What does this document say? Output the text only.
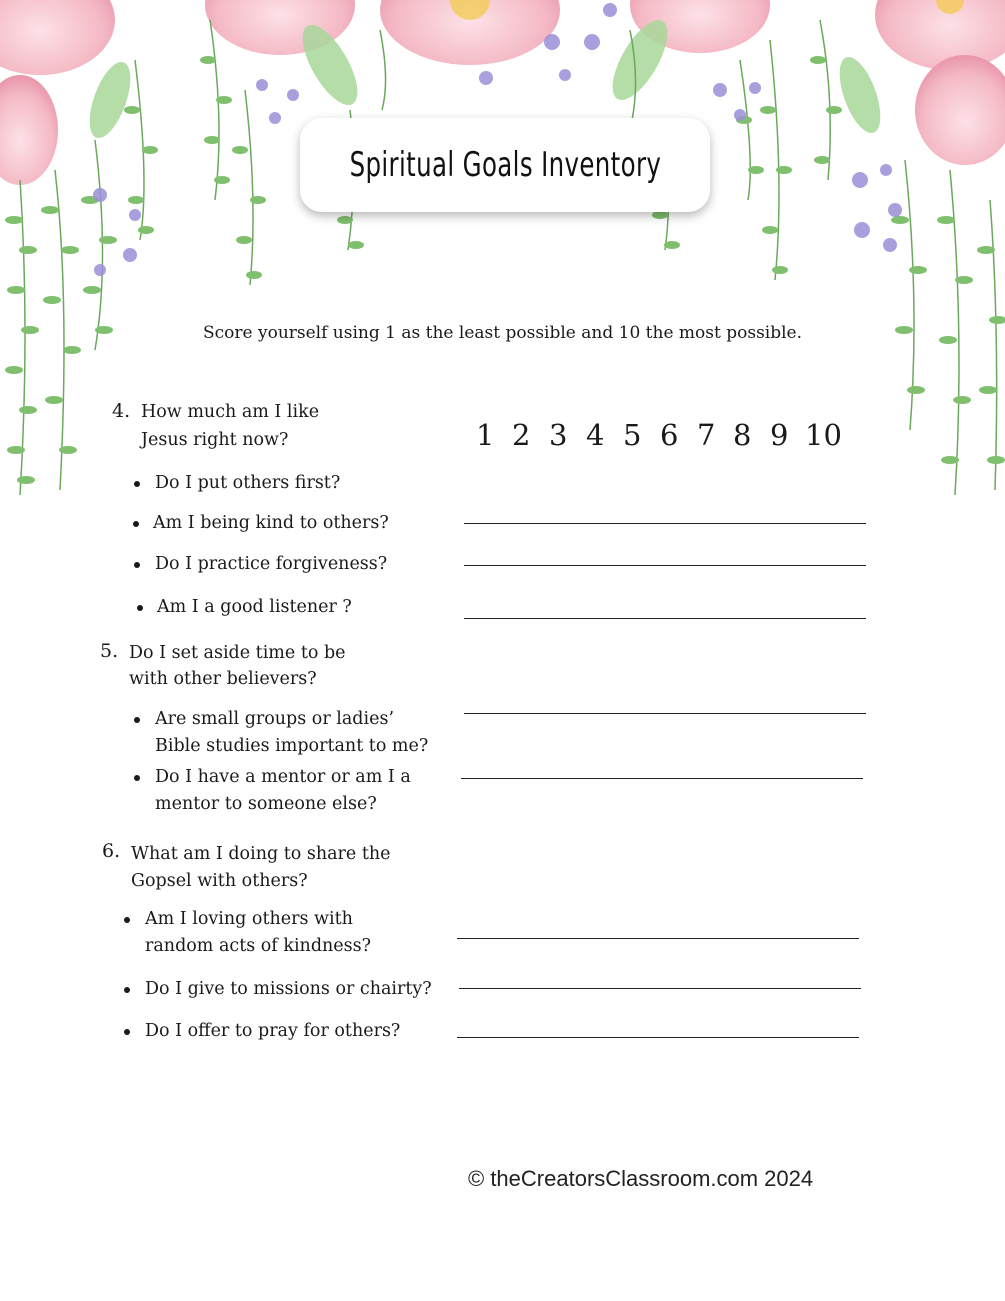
Spiritual Goals Inventory
Score yourself using 1 as the least possible and 10 the most possible.
1 2 3 4 5 6 7 8 9 10
4. How much am I like
Jesus right now?
Do I put others first?
Am I being kind to others?
Do I practice forgiveness?
Am I a good listener ?
5. Do I set aside time to be
with other believers?
Are small groups or ladies’
Bible studies important to me?
Do I have a mentor or am I a
mentor to someone else?
6. What am I doing to share the
Gopsel with others?
Am I loving others with
random acts of kindness?
Do I give to missions or chairty?
Do I offer to pray for others?
© theCreatorsClassroom.com 2024
